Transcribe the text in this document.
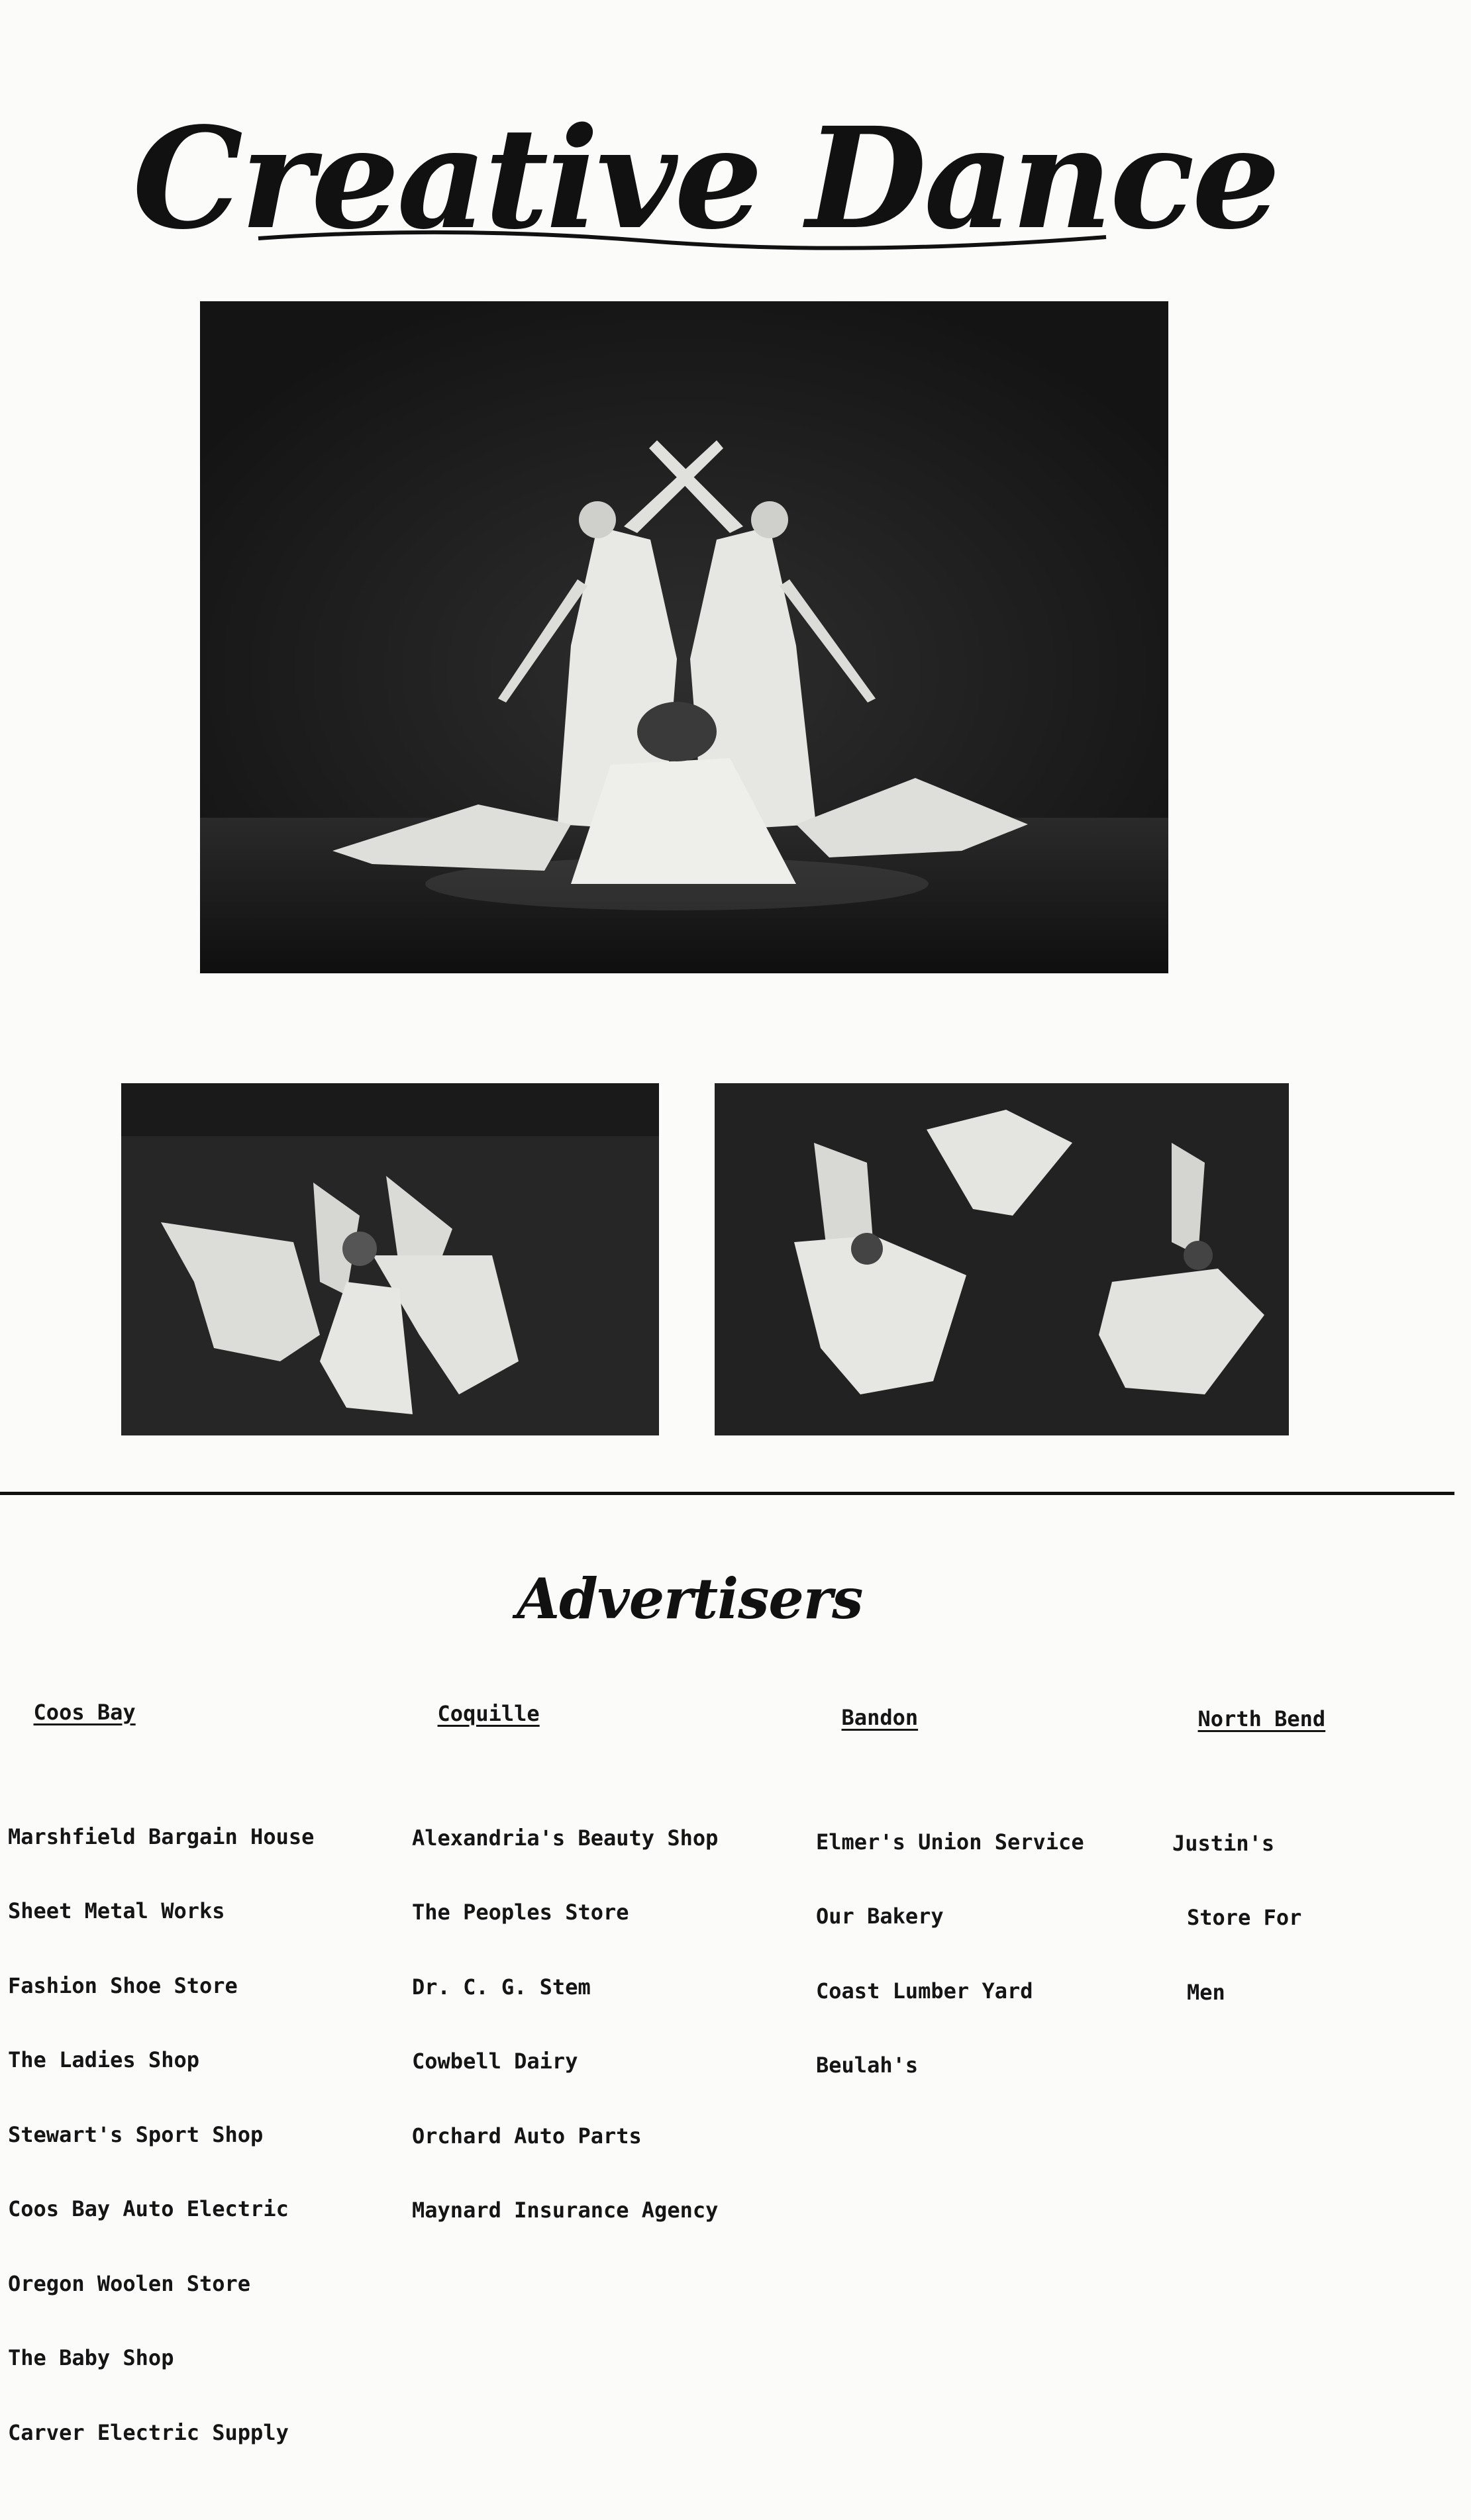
Creative Dance
Advertisers

Coos Bay

Marshfield Bargain House

Sheet Metal Works

Fashion Shoe Store

The Ladies Shop

Stewart's Sport Shop

Coos Bay Auto Electric

Oregon Woolen Store

The Baby Shop

Carver Electric Supply

Coquille

Alexandria's Beauty Shop

The Peoples Store

Dr. C. G. Stem

Cowbell Dairy

Orchard Auto Parts

Maynard Insurance Agency

Bandon

Elmer's Union Service

Our Bakery

Coast Lumber Yard

Beulah's

North Bend

Justin's

Store For

Men
